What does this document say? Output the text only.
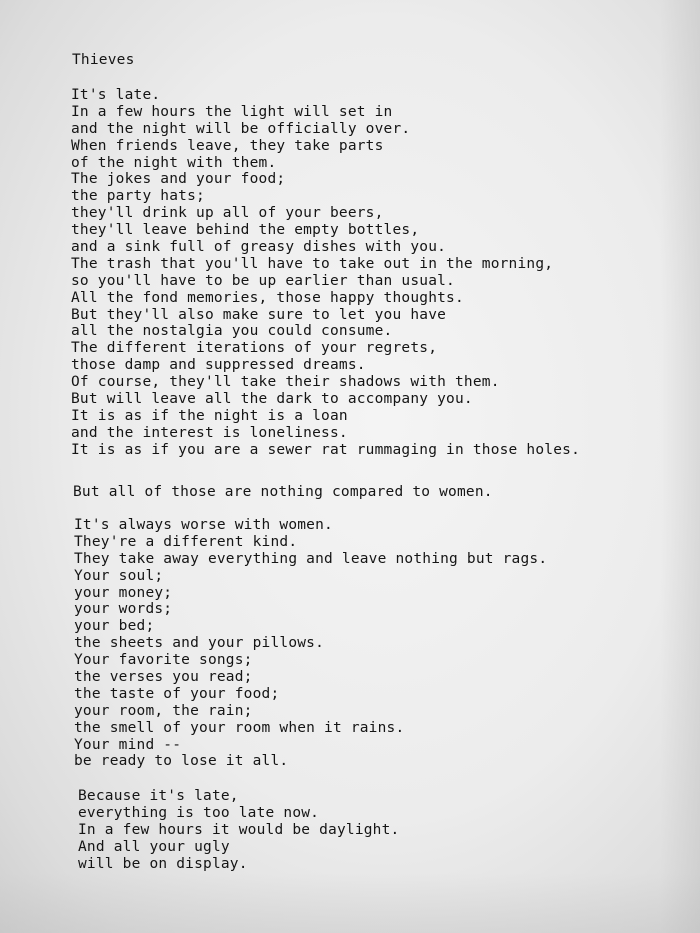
Thieves
It's late.
In a few hours the light will set in
and the night will be officially over.
When friends leave, they take parts
of the night with them.
The jokes and your food;
the party hats;
they'll drink up all of your beers,
they'll leave behind the empty bottles,
and a sink full of greasy dishes with you.
The trash that you'll have to take out in the morning,
so you'll have to be up earlier than usual.
All the fond memories, those happy thoughts.
But they'll also make sure to let you have
all the nostalgia you could consume.
The different iterations of your regrets,
those damp and suppressed dreams.
Of course, they'll take their shadows with them.
But will leave all the dark to accompany you.
It is as if the night is a loan
and the interest is loneliness.
It is as if you are a sewer rat rummaging in those holes.
But all of those are nothing compared to women.
It's always worse with women.
They're a different kind.
They take away everything and leave nothing but rags.
Your soul;
your money;
your words;
your bed;
the sheets and your pillows.
Your favorite songs;
the verses you read;
the taste of your food;
your room, the rain;
the smell of your room when it rains.
Your mind --
be ready to lose it all.
Because it's late,
everything is too late now.
In a few hours it would be daylight.
And all your ugly
will be on display.
